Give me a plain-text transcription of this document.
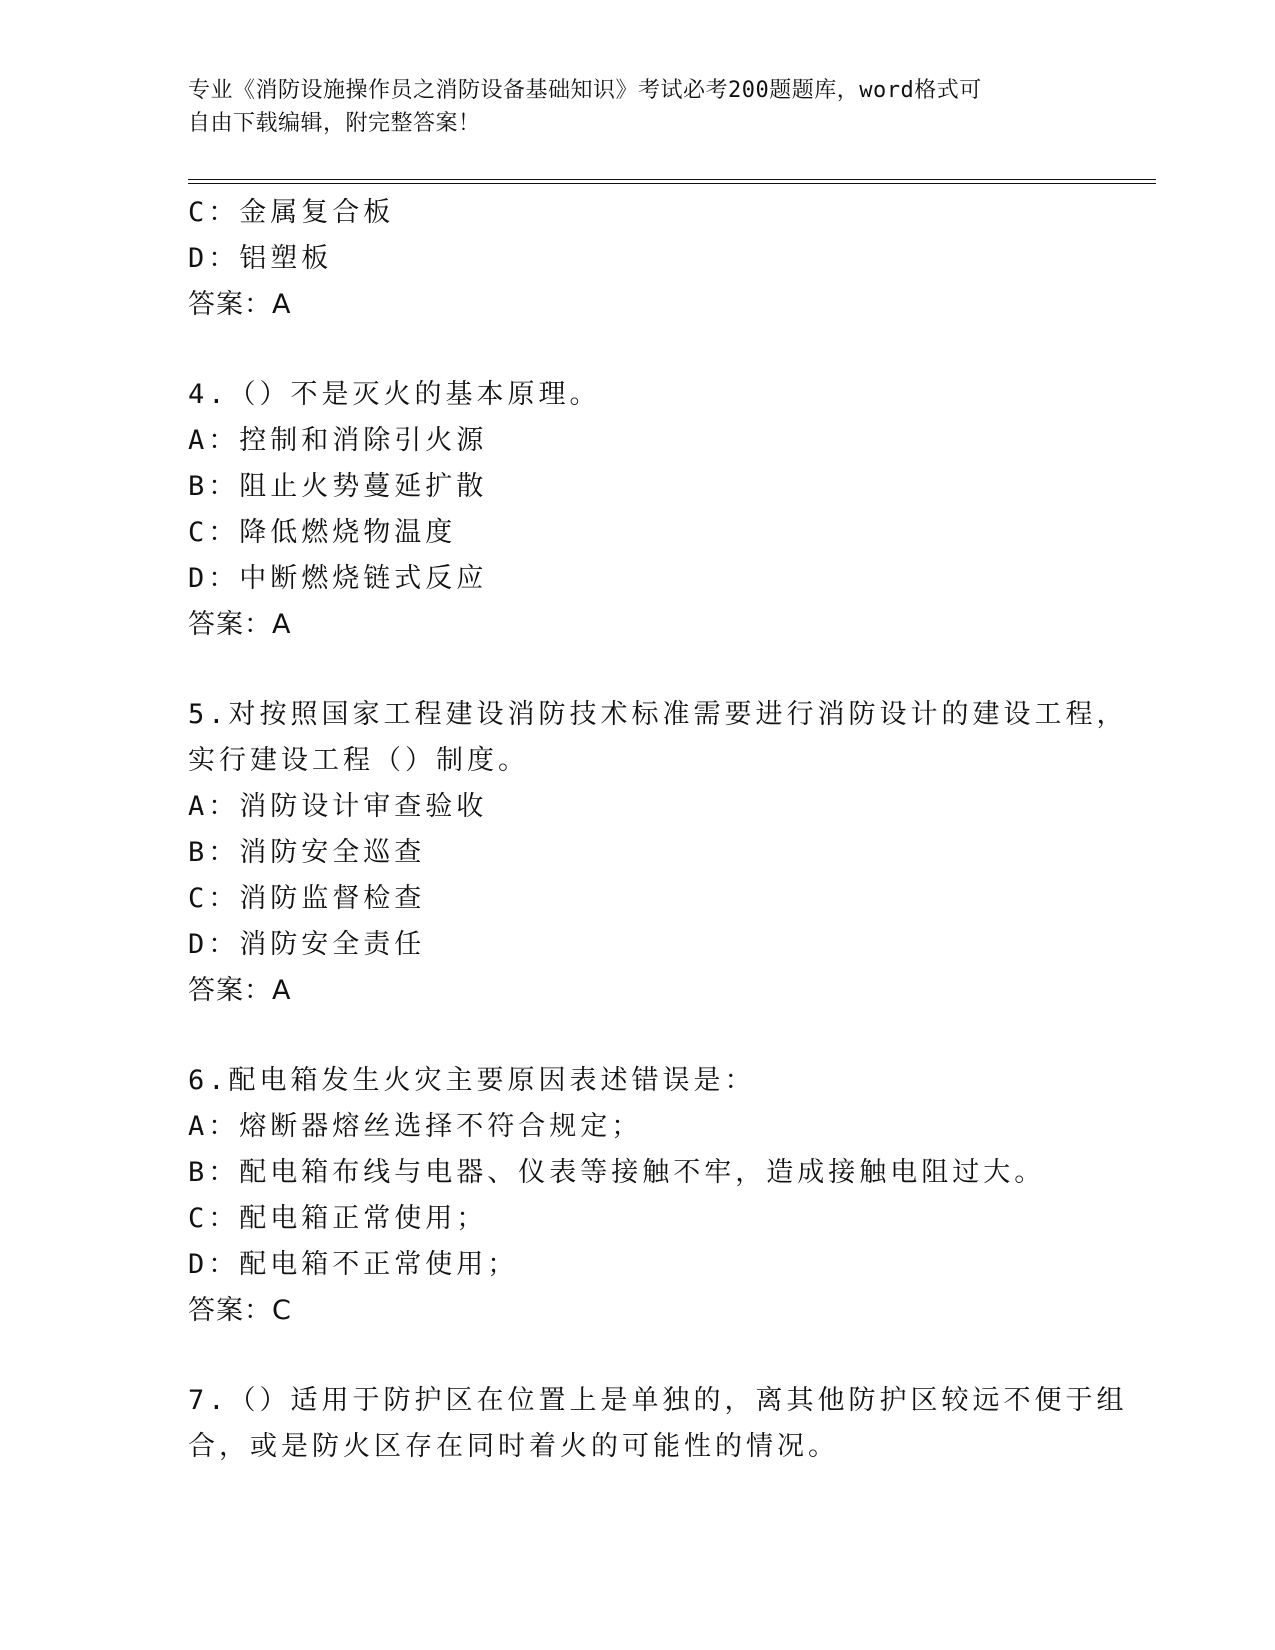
专业《消防设施操作员之消防设备基础知识》考试必考200题题库，word格式可
自由下载编辑，附完整答案！
C：金属复合板
D：铝塑板
答案：A
4.（）不是灭火的基本原理。
A：控制和消除引火源
B：阻止火势蔓延扩散
C：降低燃烧物温度
D：中断燃烧链式反应
答案：A
5.对按照国家工程建设消防技术标准需要进行消防设计的建设工程，
实行建设工程（）制度。
A：消防设计审查验收
B：消防安全巡查
C：消防监督检查
D：消防安全责任
答案：A
6.配电箱发生火灾主要原因表述错误是：
A：熔断器熔丝选择不符合规定；
B：配电箱布线与电器、仪表等接触不牢，造成接触电阻过大。
C：配电箱正常使用；
D：配电箱不正常使用；
答案：C
7.（）适用于防护区在位置上是单独的，离其他防护区较远不便于组
合，或是防火区存在同时着火的可能性的情况。
